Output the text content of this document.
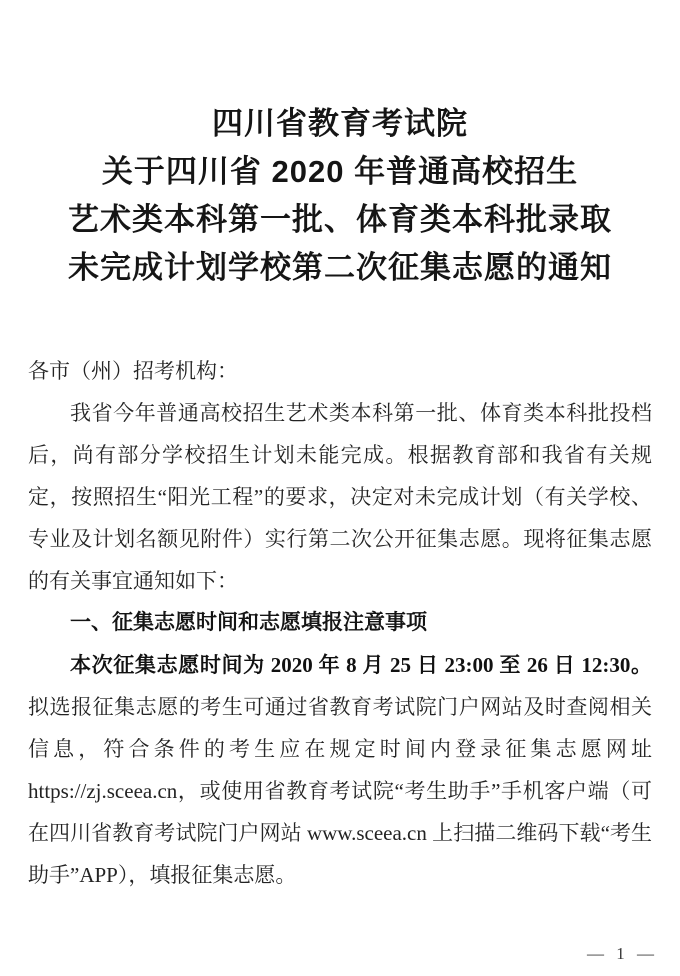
四川省教育考试院
关于四川省 2020 年普通高校招生
艺术类本科第一批、体育类本科批录取
未完成计划学校第二次征集志愿的通知

各市（州）招考机构：

我省今年普通高校招生艺术类本科第一批、体育类本科批投档后，尚有部分学校招生计划未能完成。根据教育部和我省有关规定，按照招生“阳光工程”的要求，决定对未完成计划（有关学校、专业及计划名额见附件）实行第二次公开征集志愿。现将征集志愿的有关事宜通知如下：

一、征集志愿时间和志愿填报注意事项

本次征集志愿时间为 2020 年 8 月 25 日 23:00 至 26 日 12:30。拟选报征集志愿的考生可通过省教育考试院门户网站及时查阅相关信息，符合条件的考生应在规定时间内登录征集志愿网址 https://zj.sceea.cn，或使用省教育考试院“考生助手”手机客户端（可在四川省教育考试院门户网站 www.sceea.cn 上扫描二维码下载“考生助手”APP），填报征集志愿。

— 1 —
